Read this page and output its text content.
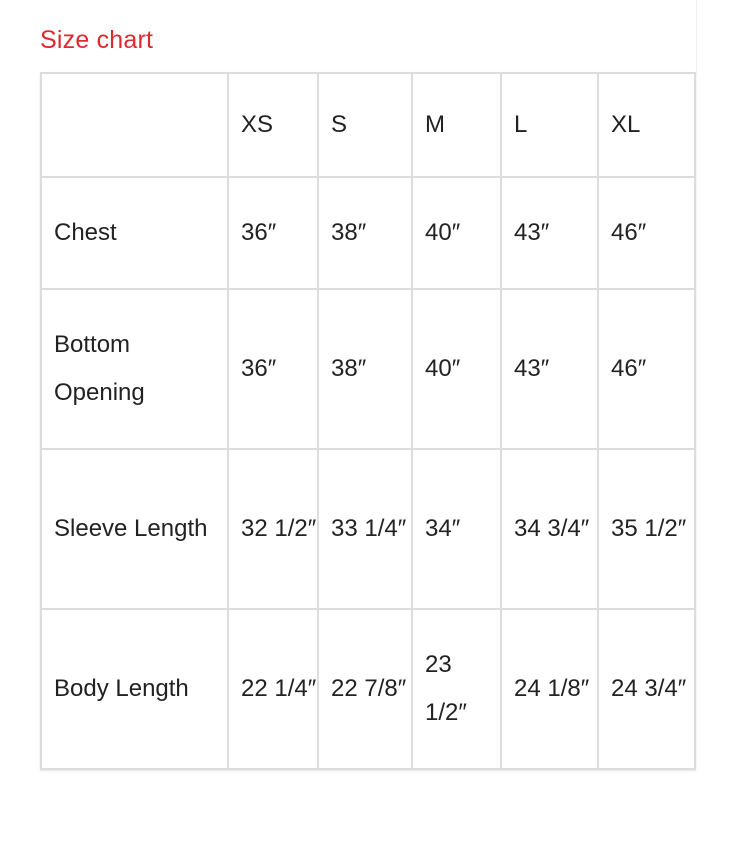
Size chart
	XS	S	M	L	XL
Chest	36″	38″	40″	43″	46″
Bottom Opening	36″	38″	40″	43″	46″
Sleeve Length	32 1/2″	33 1/4″	34″	34 3/4″	35 1/2″
Body Length	22 1/4″	22 7/8″	23 1/2″	24 1/8″	24 3/4″
